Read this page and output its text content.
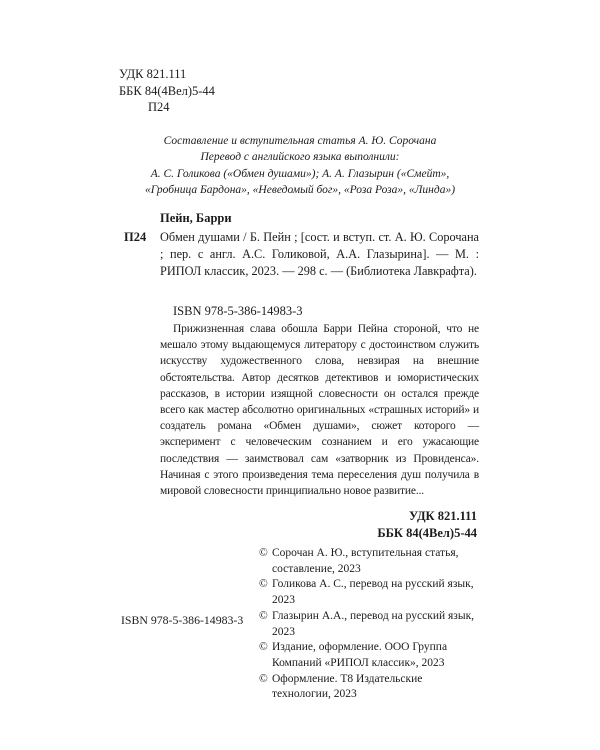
УДК 821.111
ББК 84(4Вел)5-44
П24
Составление и вступительная статья А. Ю. Сорочана
Перевод с английского языка выполнили:
А. С. Голикова («Обмен душами»); А. А. Глазырин («Смейт»,
«Гробница Бардона», «Неведомый бог», «Роза Роза», «Линда»)
Пейн, Барри
П24 Обмен душами / Б. Пейн ; [сост. и вступ. ст. А. Ю. Сорочана ; пер. с англ. А.С. Голиковой, А.А. Глазырина]. — М. : РИПОЛ классик, 2023. — 298 с. — (Библиотека Лавкрафта).
ISBN 978-5-386-14983-3
Прижизненная слава обошла Барри Пейна стороной, что не мешало этому выдающемуся литератору с достоинством служить искусству художественного слова, невзирая на внешние обстоятельства. Автор десятков детективов и юмористических рассказов, в истории изящной словесности он остался прежде всего как мастер абсолютно оригинальных «страшных историй» и создатель романа «Обмен душами», сюжет которого — эксперимент с человеческим сознанием и его ужасающие последствия — заимствовал сам «затворник из Провиденса». Начиная с этого произведения тема переселения душ получила в мировой словесности принципиально новое развитие...
УДК 821.111
ББК 84(4Вел)5-44
© Сорочан А. Ю., вступительная статья, составление, 2023
© Голикова А. С., перевод на русский язык, 2023
© Глазырин А.А., перевод на русский язык, 2023
© Издание, оформление. ООО Группа Компаний «РИПОЛ классик», 2023
© Оформление. Т8 Издательские технологии, 2023
ISBN 978-5-386-14983-3
